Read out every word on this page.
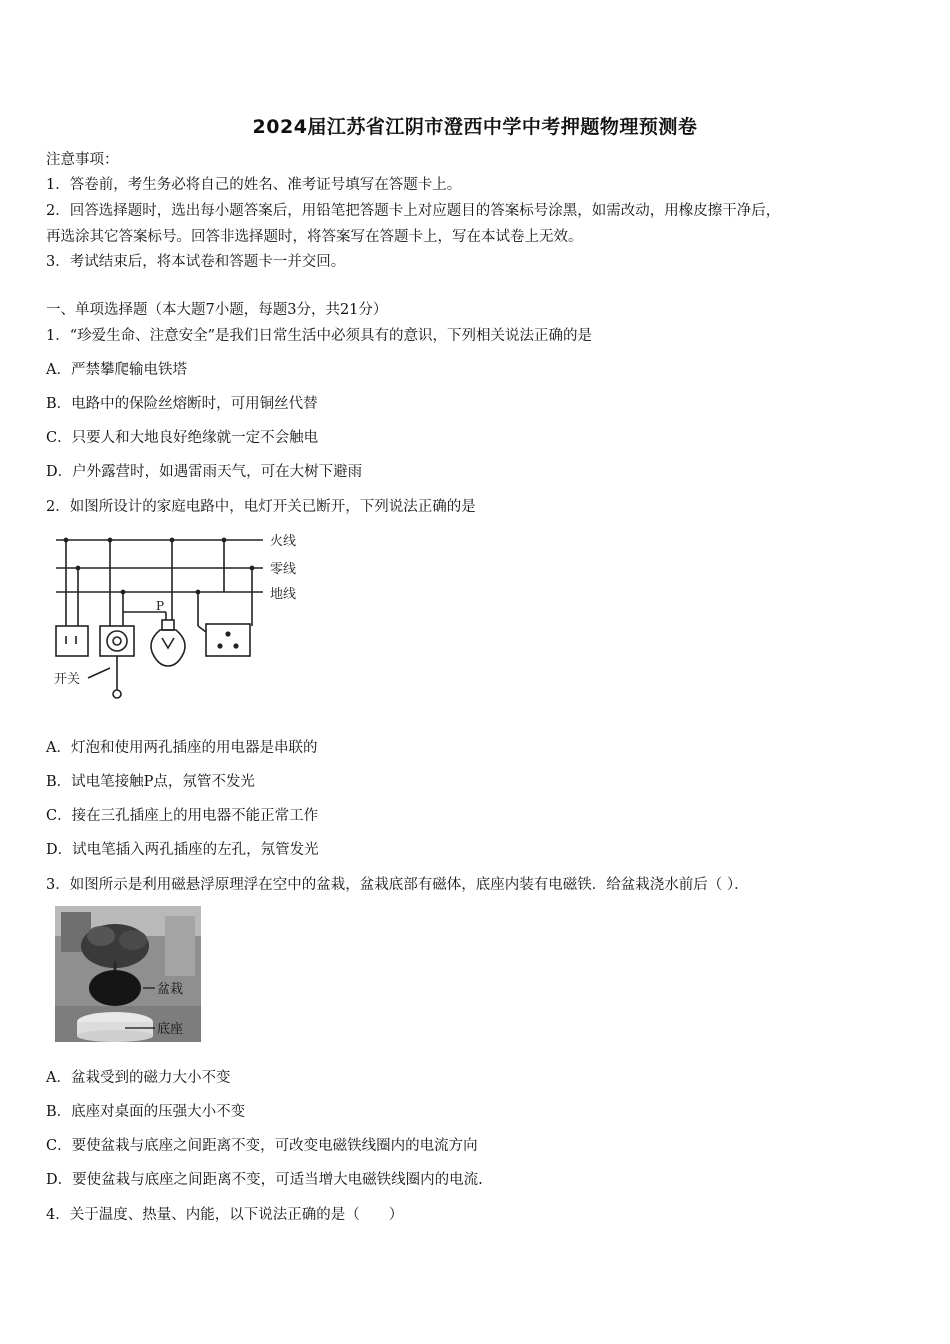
2024届江苏省江阴市澄西中学中考押题物理预测卷
注意事项：
1．答卷前，考生务必将自己的姓名、准考证号填写在答题卡上。
2．回答选择题时，选出每小题答案后，用铅笔把答题卡上对应题目的答案标号涂黑，如需改动，用橡皮擦干净后，
再选涂其它答案标号。回答非选择题时，将答案写在答题卡上，写在本试卷上无效。
3．考试结束后，将本试卷和答题卡一并交回。
一、单项选择题（本大题7小题，每题3分，共21分）
1．“珍爱生命、注意安全”是我们日常生活中必须具有的意识，下列相关说法正确的是
A．严禁攀爬输电铁塔
B．电路中的保险丝熔断时，可用铜丝代替
C．只要人和大地良好绝缘就一定不会触电
D．户外露营时，如遇雷雨天气，可在大树下避雨
2．如图所设计的家庭电路中，电灯开关已断开，下列说法正确的是
火线
零线
地线
开关
P
A．灯泡和使用两孔插座的用电器是串联的
B．试电笔接触P点，氖管不发光
C．接在三孔插座上的用电器不能正常工作
D．试电笔插入两孔插座的左孔，氖管发光
3．如图所示是利用磁悬浮原理浮在空中的盆栽，盆栽底部有磁体，底座内装有电磁铁．给盆栽浇水前后（ ）．
盆栽
底座
A．盆栽受到的磁力大小不变
B．底座对桌面的压强大小不变
C．要使盆栽与底座之间距离不变，可改变电磁铁线圈内的电流方向
D．要使盆栽与底座之间距离不变，可适当增大电磁铁线圈内的电流.
4．关于温度、热量、内能，以下说法正确的是（　　）
